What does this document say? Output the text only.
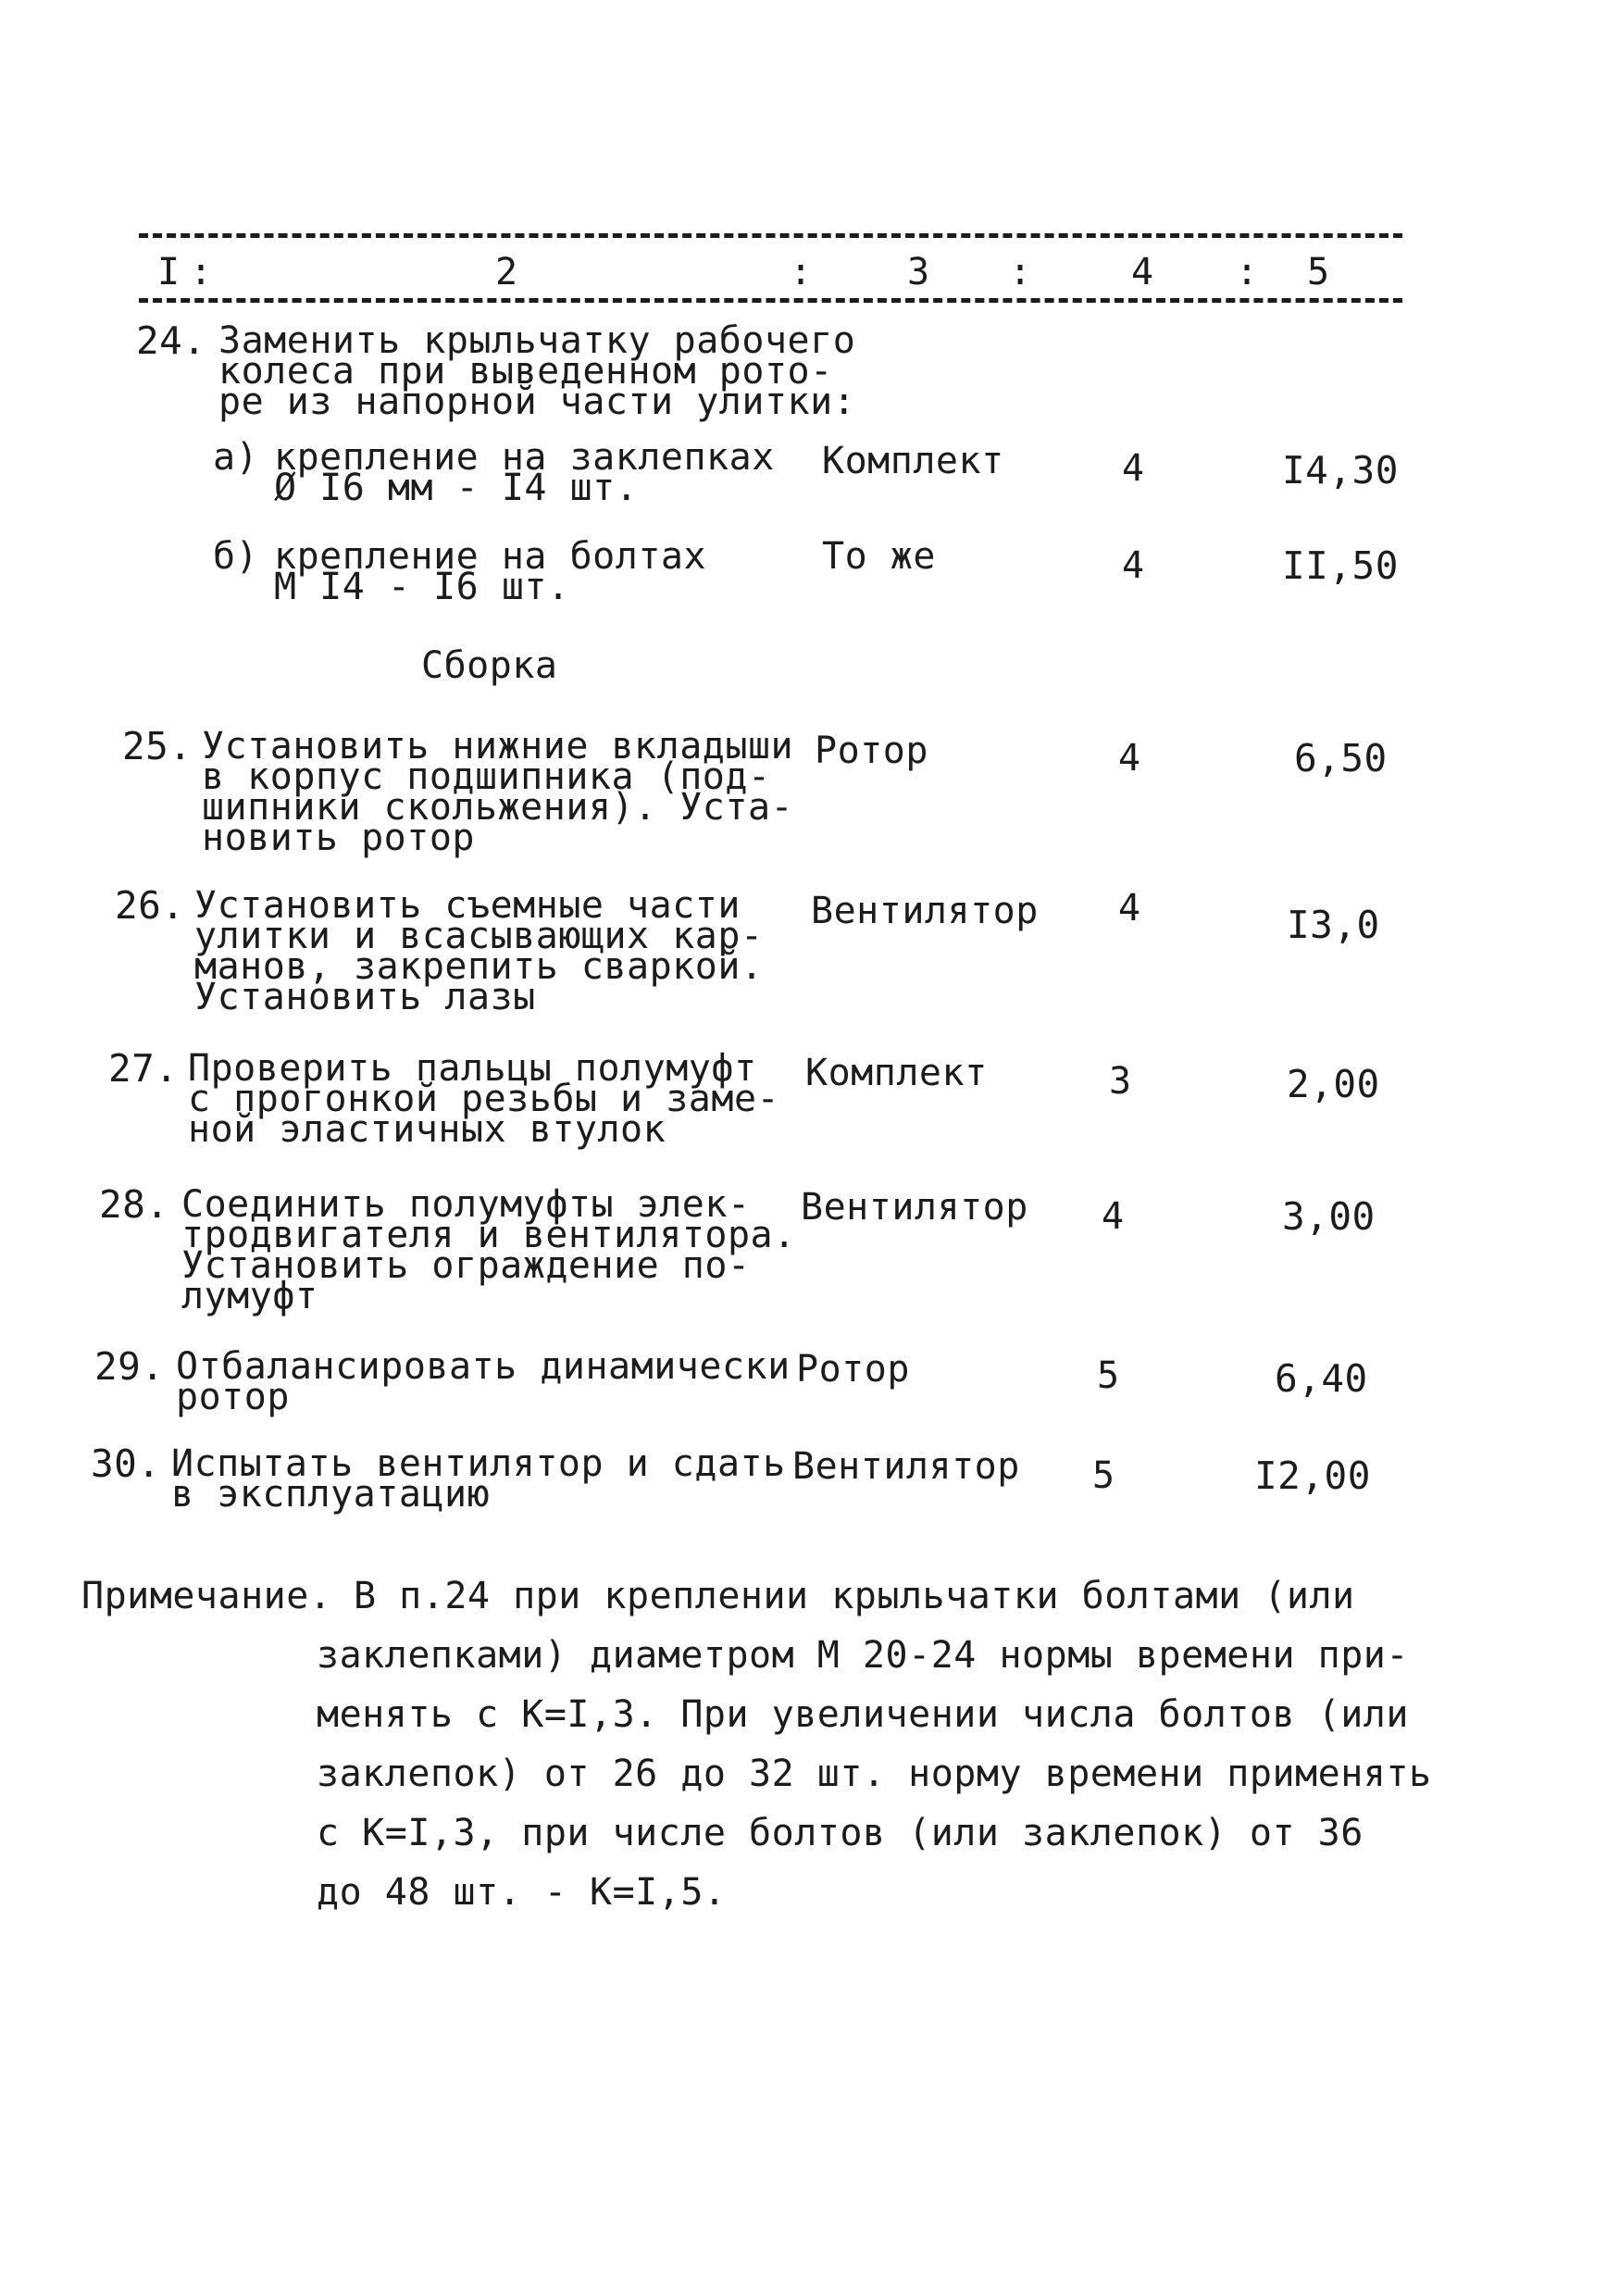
I :	2	:	3 :	4 : 5
24. Заменить крыльчатку рабочего
колеса при выведенном рото-
ре из напорной части улитки:
а) крепление на заклепках
Ø I6 мм - I4 шт.
Комплект	4	I4,30
б) крепление на болтах
M I4 - I6 шт.
То же	4	II,50
Сборка
25. Установить нижние вкладыши
в корпус подшипника (под-
шипники скольжения). Уста-
новить ротор
Ротор	4	6,50
26. Установить съемные части
улитки и всасывающих кар-
манов, закрепить сваркой.
Установить лазы
Вентилятор 4	I3,0
27. Проверить пальцы полумуфт
с прогонкой резьбы и заме-
ной эластичных втулок
Комплект	3	2,00
28. Соединить полумуфты элек-
тродвигателя и вентилятора.
Установить ограждение по-
лумуфт
Вентилятор 4	3,00
29. Отбалансировать динамически
ротор
Ротор	5	6,40
30. Испытать вентилятор и сдать
в эксплуатацию
Вентилятор 5	I2,00
Примечание. В п.24 при креплении крыльчатки болтами (или
заклепками) диаметром M 20-24 нормы времени при-
менять с К=I,3. При увеличении числа болтов (или
заклепок) от 26 до 32 шт. норму времени применять
с К=I,3, при числе болтов (или заклепок) от 36
до 48 шт. - К=I,5.
